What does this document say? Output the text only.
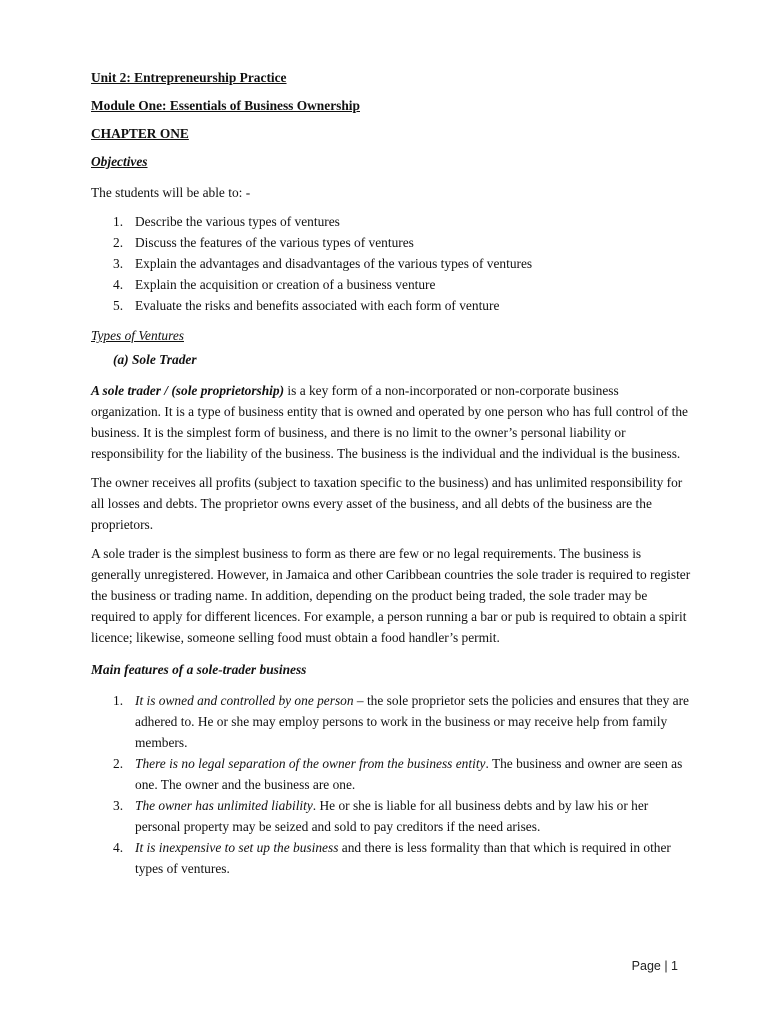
Unit 2: Entrepreneurship Practice

Module One: Essentials of Business Ownership

CHAPTER ONE

Objectives

The students will be able to: -

1. Describe the various types of ventures
2. Discuss the features of the various types of ventures
3. Explain the advantages and disadvantages of the various types of ventures
4. Explain the acquisition or creation of a business venture
5. Evaluate the risks and benefits associated with each form of venture

Types of Ventures

(a) Sole Trader

A sole trader / (sole proprietorship) is a key form of a non-incorporated or non-corporate business organization. It is a type of business entity that is owned and operated by one person who has full control of the business. It is the simplest form of business, and there is no limit to the owner’s personal liability or responsibility for the liability of the business. The business is the individual and the individual is the business.

The owner receives all profits (subject to taxation specific to the business) and has unlimited responsibility for all losses and debts. The proprietor owns every asset of the business, and all debts of the business are the proprietors.

A sole trader is the simplest business to form as there are few or no legal requirements. The business is generally unregistered. However, in Jamaica and other Caribbean countries the sole trader is required to register the business or trading name. In addition, depending on the product being traded, the sole trader may be required to apply for different licences. For example, a person running a bar or pub is required to obtain a spirit licence; likewise, someone selling food must obtain a food handler’s permit.

Main features of a sole-trader business

1. It is owned and controlled by one person – the sole proprietor sets the policies and ensures that they are adhered to. He or she may employ persons to work in the business or may receive help from family members.
2. There is no legal separation of the owner from the business entity. The business and owner are seen as one. The owner and the business are one.
3. The owner has unlimited liability. He or she is liable for all business debts and by law his or her personal property may be seized and sold to pay creditors if the need arises.
4. It is inexpensive to set up the business and there is less formality than that which is required in other types of ventures.
Page | 1
